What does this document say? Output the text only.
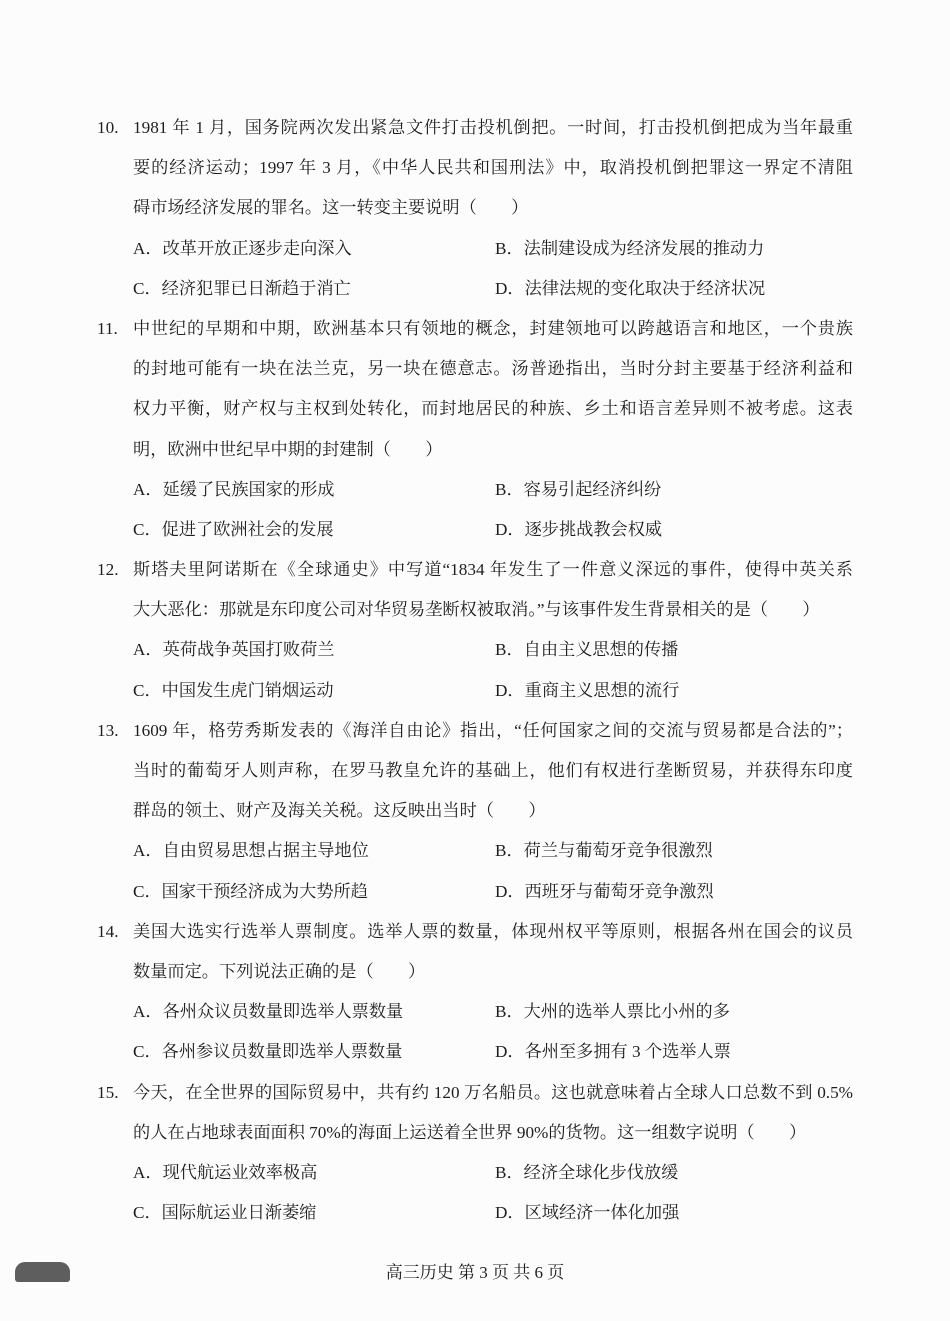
10. 1981 年 1 月，国务院两次发出紧急文件打击投机倒把。一时间，打击投机倒把成为当年最重
要的经济运动；1997 年 3 月，《中华人民共和国刑法》中，取消投机倒把罪这一界定不清阻
碍市场经济发展的罪名。这一转变主要说明（　　）
A．改革开放正逐步走向深入	B．法制建设成为经济发展的推动力
C．经济犯罪已日渐趋于消亡	D．法律法规的变化取决于经济状况
11. 中世纪的早期和中期，欧洲基本只有领地的概念，封建领地可以跨越语言和地区，一个贵族
的封地可能有一块在法兰克，另一块在德意志。汤普逊指出，当时分封主要基于经济利益和
权力平衡，财产权与主权到处转化，而封地居民的种族、乡土和语言差异则不被考虑。这表
明，欧洲中世纪早中期的封建制（　　）
A．延缓了民族国家的形成	B．容易引起经济纠纷
C．促进了欧洲社会的发展	D．逐步挑战教会权威
12. 斯塔夫里阿诺斯在《全球通史》中写道“1834 年发生了一件意义深远的事件，使得中英关系
大大恶化：那就是东印度公司对华贸易垄断权被取消。”与该事件发生背景相关的是（　　）
A．英荷战争英国打败荷兰	B．自由主义思想的传播
C．中国发生虎门销烟运动	D．重商主义思想的流行
13. 1609 年，格劳秀斯发表的《海洋自由论》指出，“任何国家之间的交流与贸易都是合法的”；
当时的葡萄牙人则声称，在罗马教皇允许的基础上，他们有权进行垄断贸易，并获得东印度
群岛的领土、财产及海关关税。这反映出当时（　　）
A．自由贸易思想占据主导地位	B．荷兰与葡萄牙竞争很激烈
C．国家干预经济成为大势所趋	D．西班牙与葡萄牙竞争激烈
14. 美国大选实行选举人票制度。选举人票的数量，体现州权平等原则，根据各州在国会的议员
数量而定。下列说法正确的是（　　）
A．各州众议员数量即选举人票数量	B．大州的选举人票比小州的多
C．各州参议员数量即选举人票数量	D．各州至多拥有 3 个选举人票
15. 今天，在全世界的国际贸易中，共有约 120 万名船员。这也就意味着占全球人口总数不到 0.5%
的人在占地球表面面积 70%的海面上运送着全世界 90%的货物。这一组数字说明（　　）
A．现代航运业效率极高	B．经济全球化步伐放缓
C．国际航运业日渐萎缩	D．区域经济一体化加强
高三历史 第 3 页 共 6 页
